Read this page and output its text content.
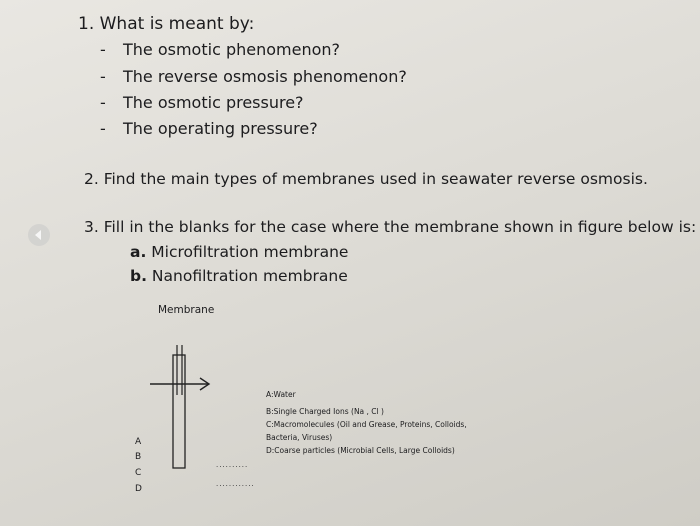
1. What is meant by:
- The osmotic phenomenon?
- The reverse osmosis phenomenon?
- The osmotic pressure?
- The operating pressure?
2. Find the main types of membranes used in seawater reverse osmosis.
3. Fill in the blanks for the case where the membrane shown in figure below is:
a. Microfiltration membrane
b. Nanofiltration membrane
Membrane
A
B
C
D
..........
............
A:Water
B:Single Charged Ions (Na , Cl )
C:Macromolecules (Oil and Grease, Proteins, Colloids,
Bacteria, Viruses)
D:Coarse particles (Microbial Cells, Large Colloids)
